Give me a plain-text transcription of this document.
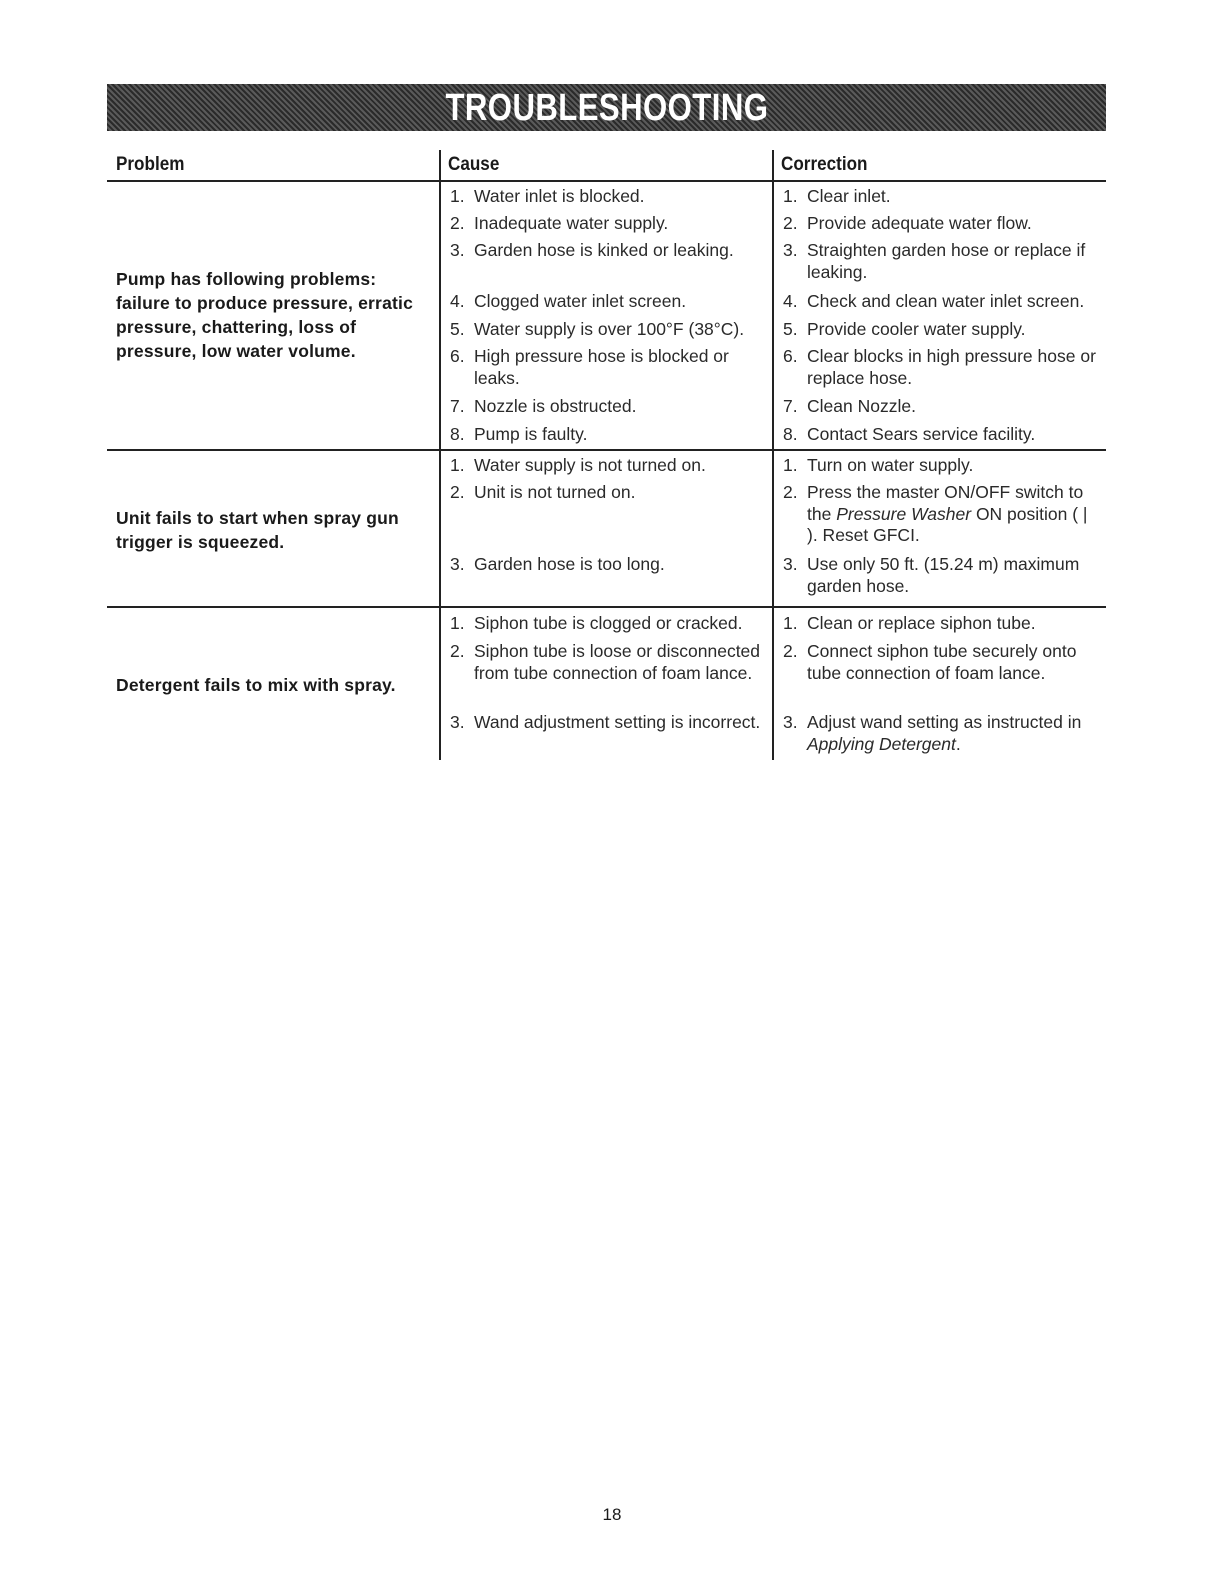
TROUBLESHOOTING
Problem	Cause	Correction
Pump has following problems: failure to produce pressure, erratic pressure, chattering, loss of pressure, low water volume.
1. Water inlet is blocked.
2. Inadequate water supply.
3. Garden hose is kinked or leaking.
4. Clogged water inlet screen.
5. Water supply is over 100°F (38°C).
6. High pressure hose is blocked or leaks.
7. Nozzle is obstructed.
8. Pump is faulty.
1. Clear inlet.
2. Provide adequate water flow.
3. Straighten garden hose or replace if leaking.
4. Check and clean water inlet screen.
5. Provide cooler water supply.
6. Clear blocks in high pressure hose or replace hose.
7. Clean Nozzle.
8. Contact Sears service facility.
Unit fails to start when spray gun trigger is squeezed.
1. Water supply is not turned on.
2. Unit is not turned on.
3. Garden hose is too long.
1. Turn on water supply.
2. Press the master ON/OFF switch to the Pressure Washer ON position ( | ). Reset GFCI.
3. Use only 50 ft. (15.24 m) maximum garden hose.
Detergent fails to mix with spray.
1. Siphon tube is clogged or cracked.
2. Siphon tube is loose or disconnected from tube connection of foam lance.
3. Wand adjustment setting is incorrect.
1. Clean or replace siphon tube.
2. Connect siphon tube securely onto tube connection of foam lance.
3. Adjust wand setting as instructed in Applying Detergent.
18
